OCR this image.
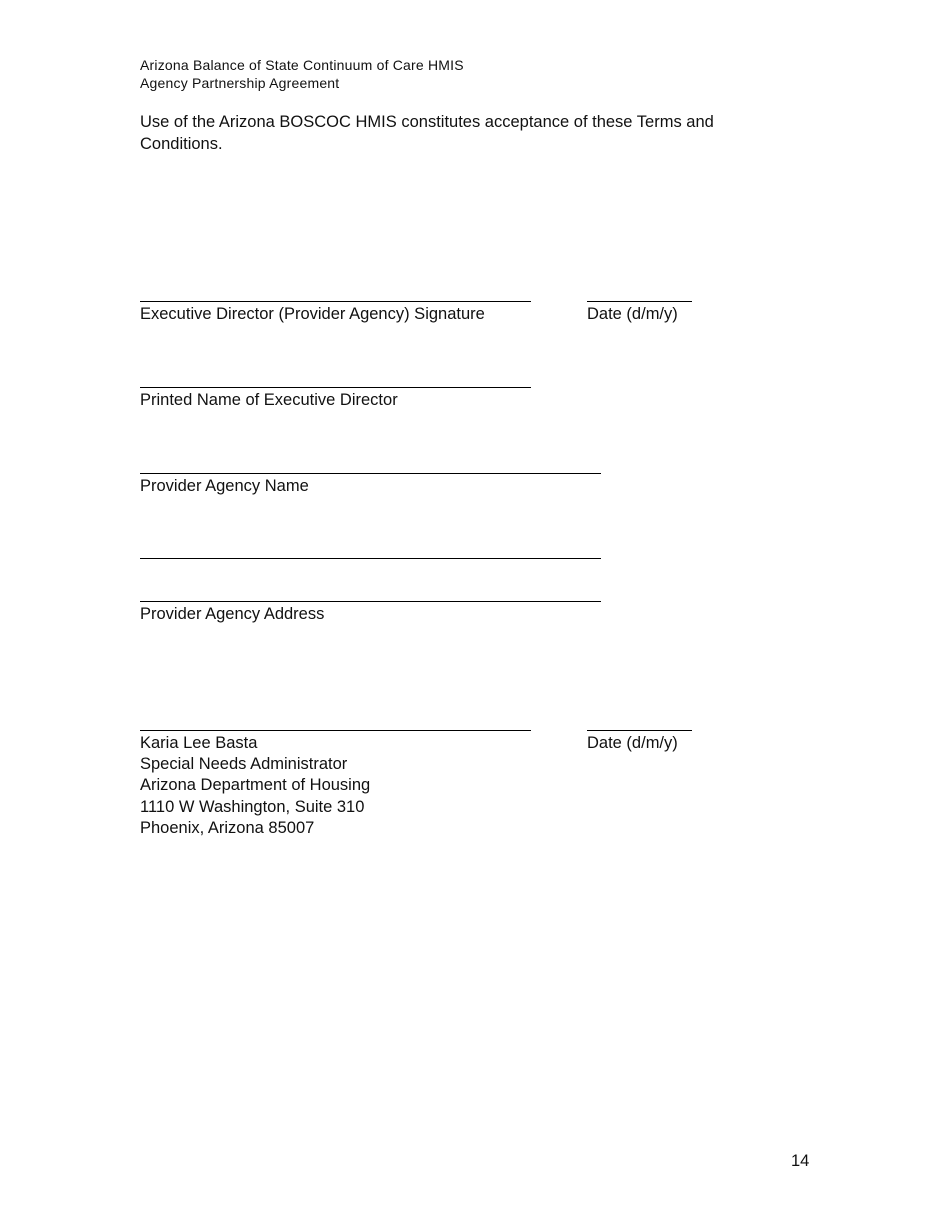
Arizona Balance of State Continuum of Care HMIS
Agency Partnership Agreement
Use of the Arizona BOSCOC HMIS constitutes acceptance of these Terms and Conditions.
Executive Director (Provider Agency) Signature	Date (d/m/y)
Printed Name of Executive Director
Provider Agency Name
Provider Agency Address
Date (d/m/y)
Karia Lee Basta
Special Needs Administrator
Arizona Department of Housing
1110 W Washington, Suite 310
Phoenix, Arizona 85007
14
